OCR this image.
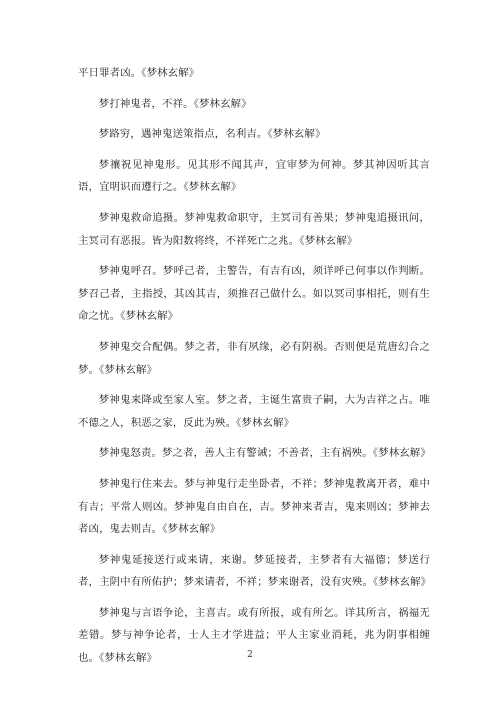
平日罪者凶。《梦林玄解》

梦打神鬼者，不祥。《梦林玄解》

梦路穷，遇神鬼送策指点，名利吉。《梦林玄解》

梦禳祝见神鬼形。见其形不闻其声，宜审梦为何神。梦其神因听其言语，宜明识而遵行之。《梦林玄解》

梦神鬼救命追摄。梦神鬼救命职守，主冥司有善果；梦神鬼追摄讯问，主冥司有恶报。皆为阳数将终，不祥死亡之兆。《梦林玄解》

梦神鬼呼召。梦呼己者，主警告，有吉有凶，须详呼己何事以作判断。梦召己者，主指授，其凶其吉，须推召己做什么。如以冥司事相托，则有生命之忧。《梦林玄解》

梦神鬼交合配偶。梦之者，非有夙缘，必有阴祸。否则便是荒唐幻合之梦。《梦林玄解》

梦神鬼来降或至家人室。梦之者，主诞生富贵子嗣，大为吉祥之占。唯不德之人，积恶之家，反此为殃。《梦林玄解》

梦神鬼怒责。梦之者，善人主有警诫；不善者，主有祸殃。《梦林玄解》

梦神鬼行住来去。梦与神鬼行走坐卧者，不祥；梦神鬼教离开者，难中有吉；平常人则凶。梦神鬼自由自在，吉。梦神来者吉，鬼来则凶；梦神去者凶，鬼去则吉。《梦林玄解》

梦神鬼延接送行或来请，来谢。梦延接者，主梦者有大福德；梦送行者，主阴中有所佑护；梦来请者，不祥；梦来谢者，没有灾殃。《梦林玄解》

梦神鬼与言语争论，主喜吉。或有所报，或有所乞。详其所言，祸福无差错。梦与神争论者，士人主才学进益；平人主家业消耗，兆为阴事相缠也。《梦林玄解》	2
